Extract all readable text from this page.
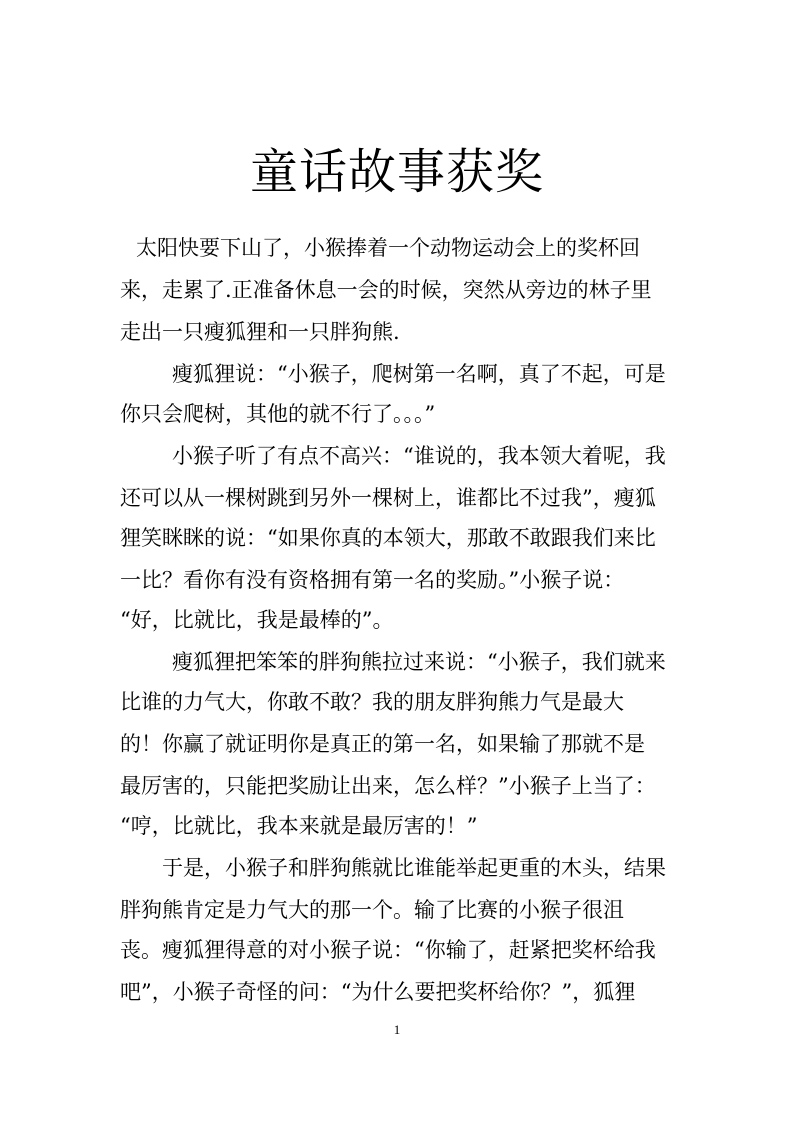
童话故事获奖
太阳快要下山了，小猴捧着一个动物运动会上的奖杯回
来，走累了.正准备休息一会的时候，突然从旁边的林子里
走出一只瘦狐狸和一只胖狗熊.
瘦狐狸说：“小猴子，爬树第一名啊，真了不起，可是
你只会爬树，其他的就不行了。。。”
小猴子听了有点不高兴：“谁说的，我本领大着呢，我
还可以从一棵树跳到另外一棵树上，谁都比不过我”，瘦狐
狸笑眯眯的说：“如果你真的本领大，那敢不敢跟我们来比
一比？看你有没有资格拥有第一名的奖励。”小猴子说：
“好，比就比，我是最棒的”。
瘦狐狸把笨笨的胖狗熊拉过来说：“小猴子，我们就来
比谁的力气大，你敢不敢？我的朋友胖狗熊力气是最大
的！你赢了就证明你是真正的第一名，如果输了那就不是
最厉害的，只能把奖励让出来，怎么样？”小猴子上当了：
“哼，比就比，我本来就是最厉害的！”
于是，小猴子和胖狗熊就比谁能举起更重的木头，结果
胖狗熊肯定是力气大的那一个。输了比赛的小猴子很沮
丧。瘦狐狸得意的对小猴子说：“你输了，赶紧把奖杯给我
吧”，小猴子奇怪的问：“为什么要把奖杯给你？”，狐狸
1
